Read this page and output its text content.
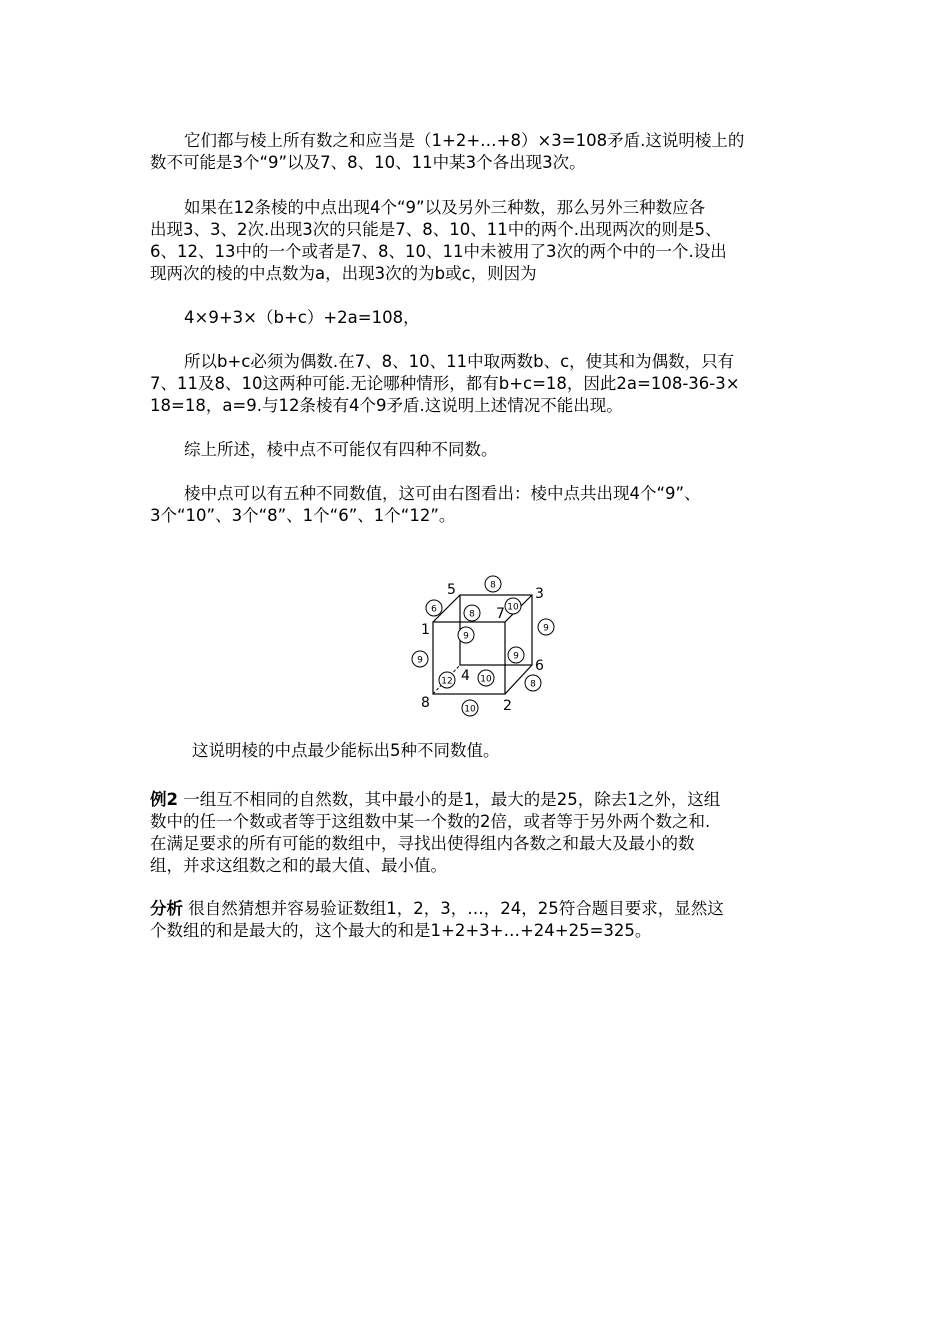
它们都与棱上所有数之和应当是（1+2+…+8）×3=108矛盾.这说明棱上的
数不可能是3个“9”以及7、8、10、11中某3个各出现3次。
如果在12条棱的中点出现4个“9”以及另外三种数，那么另外三种数应各
出现3、3、2次.出现3次的只能是7、8、10、11中的两个.出现两次的则是5、
6、12、13中的一个或者是7、8、10、11中未被用了3次的两个中的一个.设出
现两次的棱的中点数为a，出现3次的为b或c，则因为
4×9+3×（b+c）+2a=108，
所以b+c必须为偶数.在7、8、10、11中取两数b、c，使其和为偶数，只有
7、11及8、10这两种可能.无论哪种情形，都有b+c=18，因此2a=108-36-3×
18=18，a=9.与12条棱有4个9矛盾.这说明上述情况不能出现。
综上所述，棱中点不可能仅有四种不同数。
棱中点可以有五种不同数值，这可由右图看出：棱中点共出现4个“9”、
3个“10”、3个“8”、1个“6”、1个“12”。
5	3
1
7
4
6
8	2
8
6	8
10
9
9
9	9
12	10	8
10
这说明棱的中点最少能标出5种不同数值。
例2 一组互不相同的自然数，其中最小的是1，最大的是25，除去1之外，这组
数中的任一个数或者等于这组数中某一个数的2倍，或者等于另外两个数之和.
在满足要求的所有可能的数组中，寻找出使得组内各数之和最大及最小的数
组，并求这组数之和的最大值、最小值。
分析 很自然猜想并容易验证数组1，2，3，…，24，25符合题目要求，显然这
个数组的和是最大的，这个最大的和是1+2+3+…+24+25=325。
